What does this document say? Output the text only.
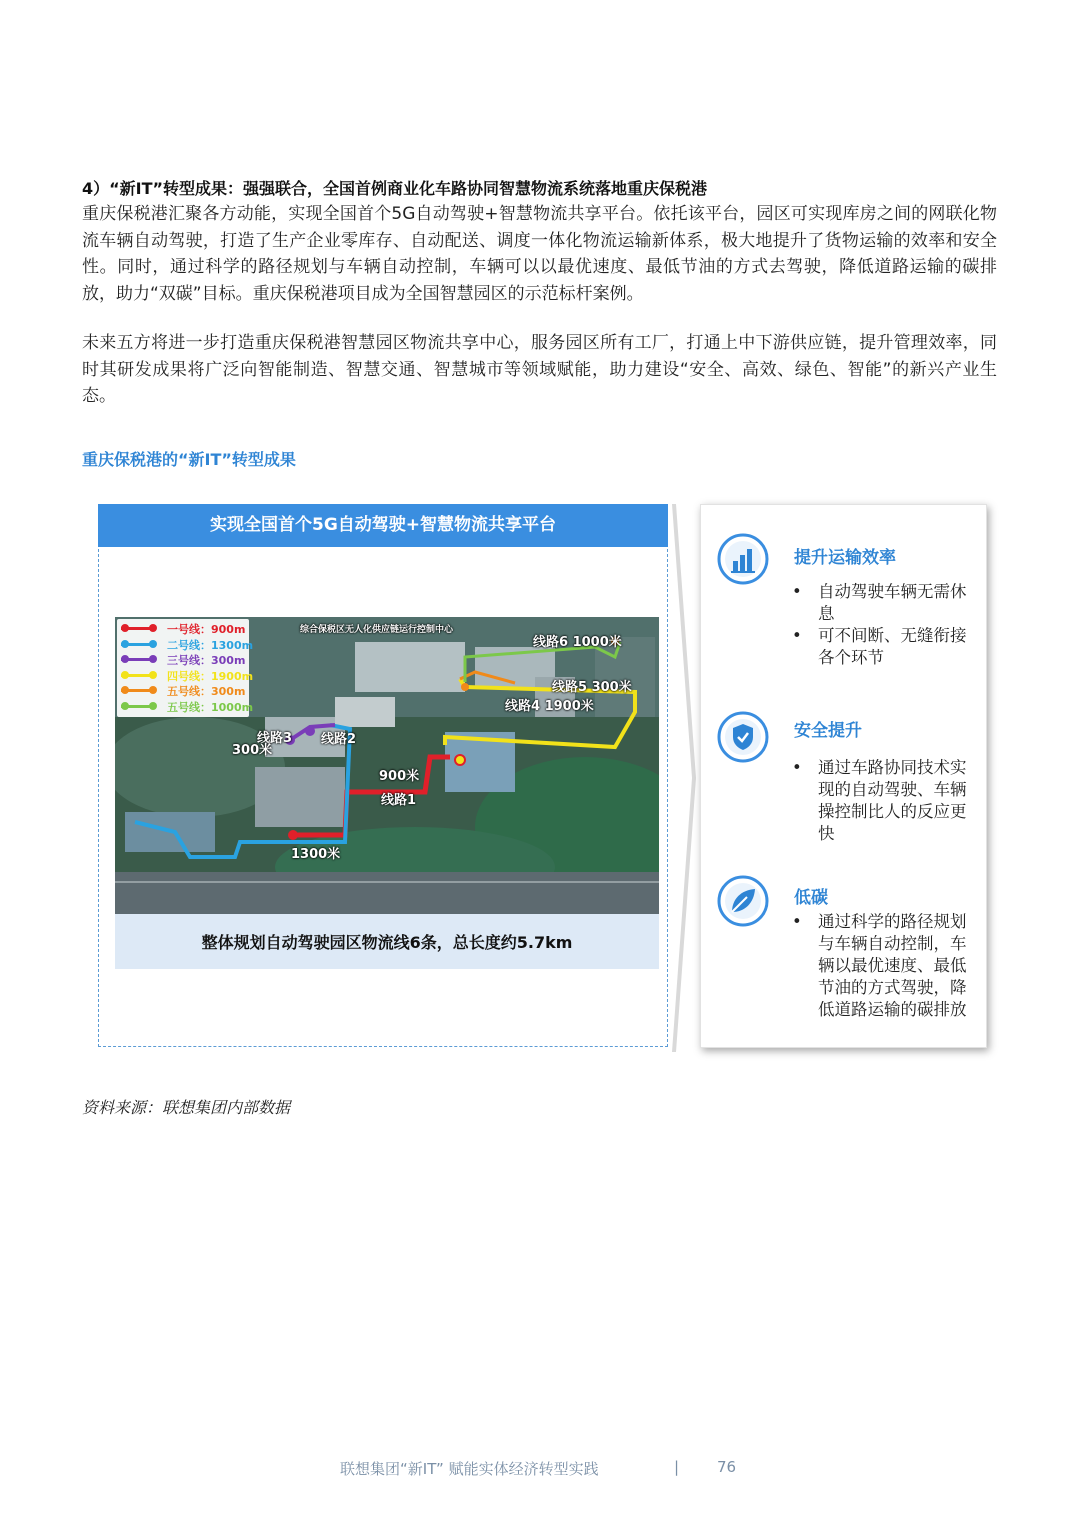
4）“新IT”转型成果：强强联合，全国首例商业化车路协同智慧物流系统落地重庆保税港

重庆保税港汇聚各方动能，实现全国首个5G自动驾驶+智慧物流共享平台。依托该平台，园区可实现库房之间的网联化物流车辆自动驾驶，打造了生产企业零库存、自动配送、调度一体化物流运输新体系，极大地提升了货物运输的效率和安全性。同时，通过科学的路径规划与车辆自动控制，车辆可以以最优速度、最低节油的方式去驾驶，降低道路运输的碳排放，助力“双碳”目标。重庆保税港项目成为全国智慧园区的示范标杆案例。

未来五方将进一步打造重庆保税港智慧园区物流共享中心，服务园区所有工厂，打通上中下游供应链，提升管理效率，同时其研发成果将广泛向智能制造、智慧交通、智慧城市等领域赋能，助力建设“安全、高效、绿色、智能”的新兴产业生态。

重庆保税港的“新IT”转型成果
实现全国首个5G自动驾驶+智慧物流共享平台
一号线：900m
二号线：1300m
三号线：300m
四号线：1900m
五号线：300m
五号线：1000m
综合保税区无人化供应链运行控制中心
线路6 1000米
线路5 300米
线路4 1900米
线路3
300米
线路2
900米
线路1
1300米
整体规划自动驾驶园区物流线6条，总长度约5.7km
提升运输效率
• 自动驾驶车辆无需休息
• 可不间断、无缝衔接各个环节
安全提升
• 通过车路协同技术实现的自动驾驶、车辆操控制比人的反应更快
低碳
• 通过科学的路径规划与车辆自动控制，车辆以最优速度、最低节油的方式驾驶，降低道路运输的碳排放
资料来源：联想集团内部数据
联想集团“新IT” 赋能实体经济转型实践	|	76
